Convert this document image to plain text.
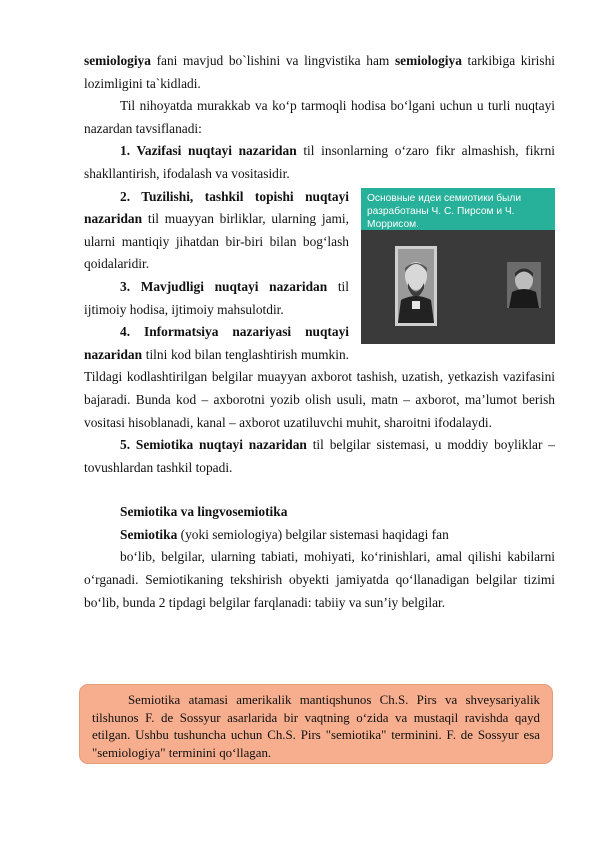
semiologiya fani mavjud bo`lishini va lingvistika ham semiologiya tarkibiga kirishi lozimligini ta`kidladi.

Til nihoyatda murakkab va ko‘p tarmoqli hodisa bo‘lgani uchun u turli nuqtayi nazardan tavsiflanadi:

1. Vazifasi nuqtayi nazaridan til insonlarning o‘zaro fikr almashish, fikrni shakllantirish, ifodalash va vositasidir.

Основные идеи семиотики были разработаны Ч. С. Пирсом и Ч. Моррисом.

2. Tuzilishi, tashkil topishi nuqtayi nazaridan til muayyan birliklar, ularning jami, ularni mantiqiy jihatdan bir-biri bilan bog‘lash qoidalaridir.

3. Mavjudligi nuqtayi nazaridan til ijtimoiy hodisa, ijtimoiy mahsulotdir.

4. Informatsiya nazariyasi nuqtayi nazaridan tilni kod bilan tenglashtirish mumkin. Tildagi kodlashtirilgan belgilar muayyan axborot tashish, uzatish, yetkazish vazifasini bajaradi. Bunda kod – axborotni yozib olish usuli, matn – axborot, ma’lumot berish vositasi hisoblanadi, kanal – axborot uzatiluvchi muhit, sharoitni ifodalaydi.

5. Semiotika nuqtayi nazaridan til belgilar sistemasi, u moddiy boyliklar – tovushlardan tashkil topadi.

Semiotika va lingvosemiotika

Semiotika (yoki semiologiya) belgilar sistemasi haqidagi fan

bo‘lib, belgilar, ularning tabiati, mohiyati, ko‘rinishlari, amal qilishi kabilarni o‘rganadi. Semiotikaning tekshirish obyekti jamiyatda qo‘llanadigan belgilar tizimi bo‘lib, bunda 2 tipdagi belgilar farqlanadi: tabiiy va sun’iy belgilar.

Semiotika atamasi amerikalik mantiqshunos Ch.S. Pirs va shveysariyalik tilshunos F. de Sossyur asarlarida bir vaqtning o‘zida va mustaqil ravishda qayd etilgan. Ushbu tushuncha uchun Ch.S. Pirs "semiotika" terminini. F. de Sossyur esa "semiologiya" terminini qo‘llagan.
